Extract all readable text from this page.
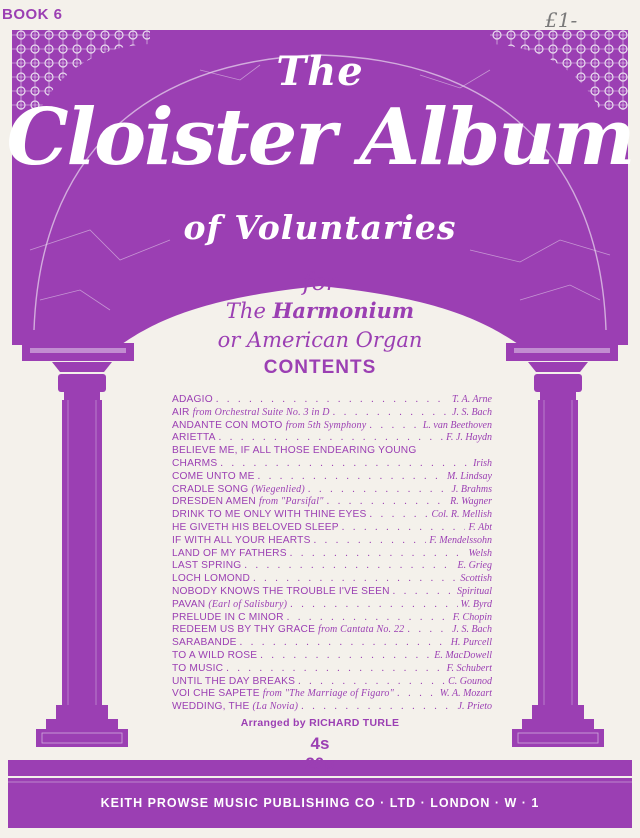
BOOK 6	£1-
The
Cloister Album
of Voluntaries
for
The Harmonium
or American Organ
CONTENTS
ADAGIO . . .	T. A. Arne
AIR from Orchestral Suite No. 3 in D . . .	J. S. Bach
ANDANTE CON MOTO from 5th Symphony . . .	L. van Beethoven
ARIETTA . . .	F. J. Haydn
BELIEVE ME, IF ALL THOSE ENDEARING YOUNG
CHARMS . . .	Irish
COME UNTO ME . . .	M. Lindsay
CRADLE SONG (Wiegenlied) . . .	J. Brahms
DRESDEN AMEN from "Parsifal" . . .	R. Wagner
DRINK TO ME ONLY WITH THINE EYES . . .	Col. R. Mellish
HE GIVETH HIS BELOVED SLEEP . . .	F. Abt
IF WITH ALL YOUR HEARTS . . .	F. Mendelssohn
LAND OF MY FATHERS . . .	Welsh
LAST SPRING . . .	E. Grieg
LOCH LOMOND . . .	Scottish
NOBODY KNOWS THE TROUBLE I'VE SEEN . . .	Spiritual
PAVAN (Earl of Salisbury) . . .	W. Byrd
PRELUDE IN C MINOR . . .	F. Chopin
REDEEM US BY THY GRACE from Cantata No. 22 . . .	J. S. Bach
SARABANDE . . .	H. Purcell
TO A WILD ROSE . . .	E. MacDowell
TO MUSIC . . .	F. Schubert
UNTIL THE DAY BREAKS . . .	C. Gounod
VOI CHE SAPETE from "The Marriage of Figaro" . . .	W. A. Mozart
WEDDING, THE (La Novia) . . .	J. Prieto
Arranged by RICHARD TURLE
4s
20p
KEITH PROWSE MUSIC PUBLISHING CO · LTD · LONDON · W · 1
